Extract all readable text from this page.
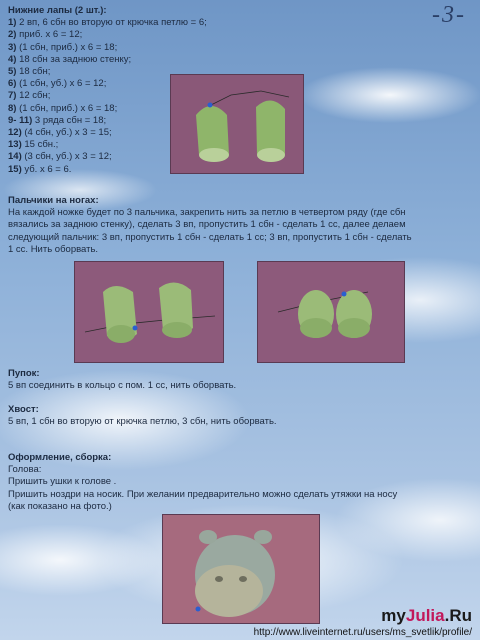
-3-
Нижние лапы (2 шт.):
1) 2 вп, 6 сбн во вторую от крючка петлю = 6;
2) приб. х 6 = 12;
3) (1 сбн, приб.) х 6 = 18;
4) 18 сбн за заднюю стенку;
5) 18 сбн;
6) (1 сбн, уб.) х 6 = 12;
7) 12 сбн;
8) (1 сбн, приб.) х 6 = 18;
9- 11) 3 ряда сбн = 18;
12) (4 сбн, уб.) х 3 = 15;
13) 15 сбн.;
14) (3 сбн, уб.) х 3 = 12;
15) уб. х 6 = 6.
Пальчики на ногах:
На каждой ножке будет по 3 пальчика, закрепить нить за петлю в четвертом ряду (где сбн
вязались за заднюю стенку), сделать 3 вп, пропустить 1 сбн - сделать 1 сс, далее делаем
следующий пальчик: 3 вп, пропустить 1 сбн - сделать 1 сс; 3 вп, пропустить 1 сбн - сделать
1 сс. Нить оборвать.
Пупок:
5 вп соединить в кольцо с пом. 1 сс, нить оборвать.
Хвост:
5 вп, 1 сбн во вторую от крючка петлю, 3 сбн, нить оборвать.
Оформление, сборка:
Голова:
Пришить ушки к голове .
Пришить ноздри на носик. При желании предварительно можно сделать утяжки на носу
(как показано на фото.)
myJulia.Ru
http://www.liveinternet.ru/users/ms_svetlik/profile/
